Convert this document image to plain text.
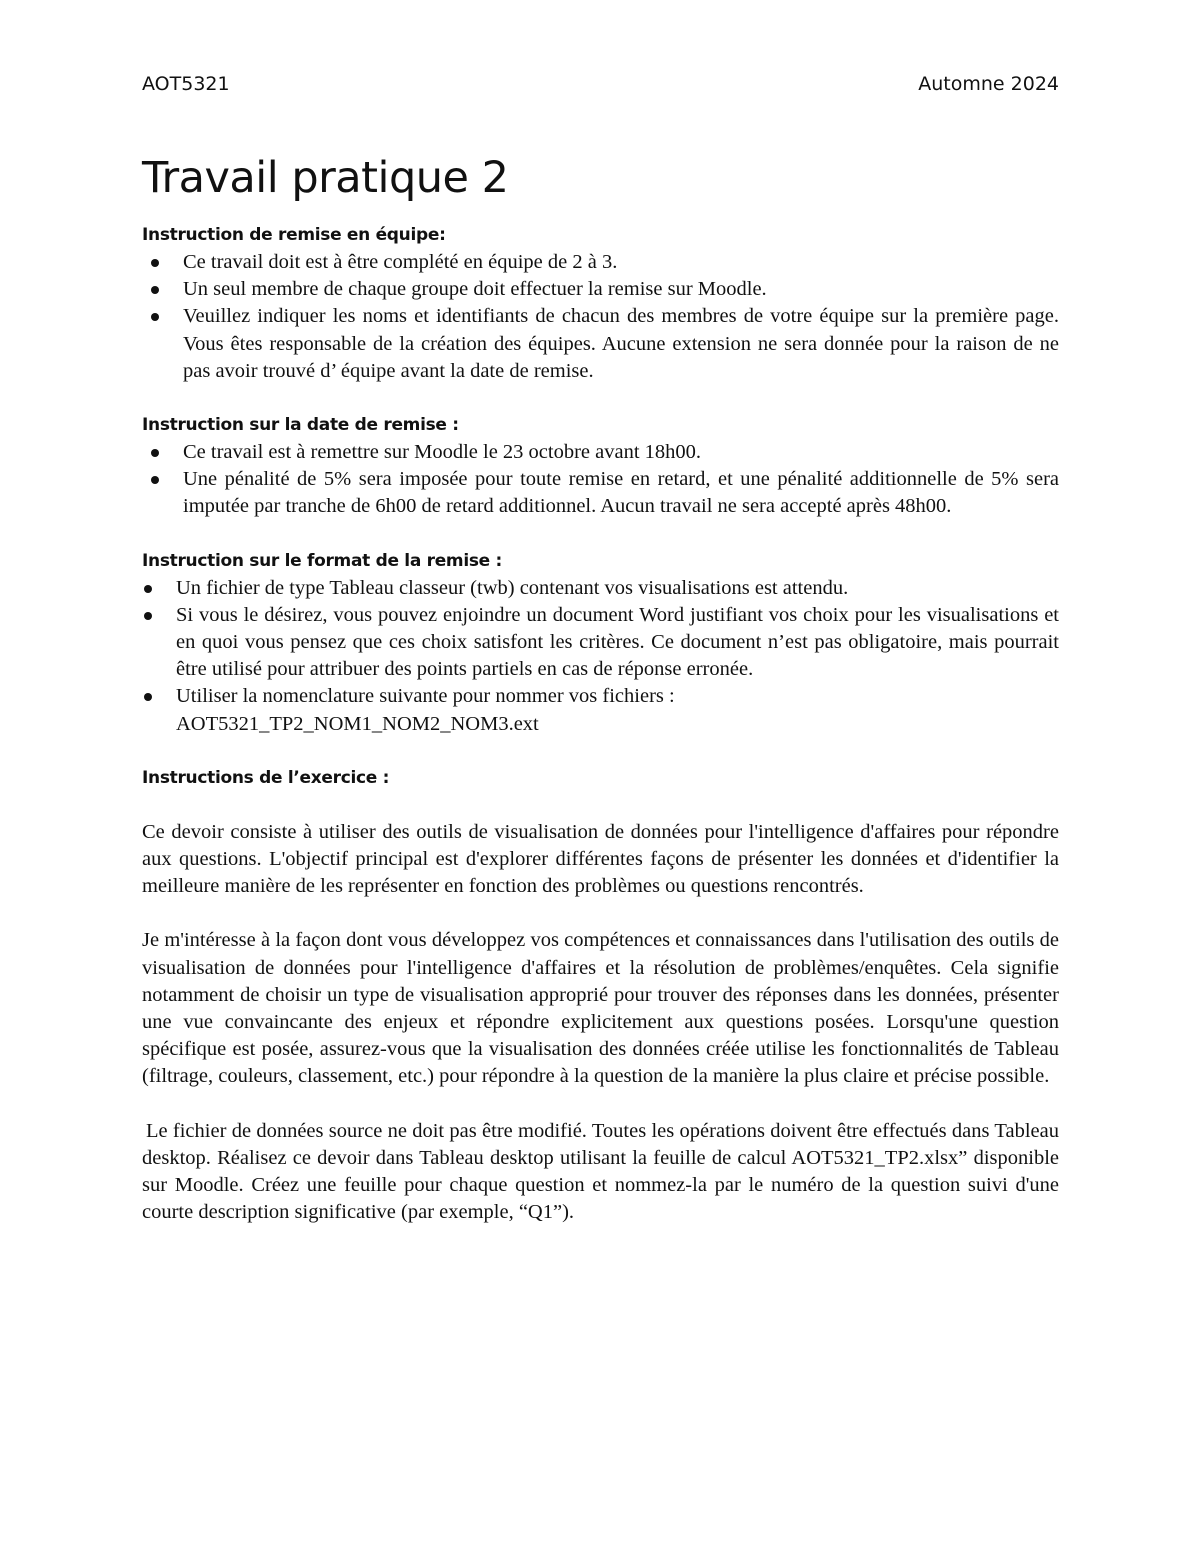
AOT5321	Automne 2024
Travail pratique 2
Instruction de remise en équipe:
Ce travail doit est à être complété en équipe de 2 à 3.
Un seul membre de chaque groupe doit effectuer la remise sur Moodle.
Veuillez indiquer les noms et identifiants de chacun des membres de votre équipe sur la première page. Vous êtes responsable de la création des équipes. Aucune extension ne sera donnée pour la raison de ne pas avoir trouvé d’ équipe avant la date de remise.
Instruction sur la date de remise :
Ce travail est à remettre sur Moodle le 23 octobre avant 18h00.
Une pénalité de 5% sera imposée pour toute remise en retard, et une pénalité additionnelle de 5% sera imputée par tranche de 6h00 de retard additionnel. Aucun travail ne sera accepté après 48h00.
Instruction sur le format de la remise :
Un fichier de type Tableau classeur (twb) contenant vos visualisations est attendu.
Si vous le désirez, vous pouvez enjoindre un document Word justifiant vos choix pour les visualisations et en quoi vous pensez que ces choix satisfont les critères. Ce document n’est pas obligatoire, mais pourrait être utilisé pour attribuer des points partiels en cas de réponse erronée.
Utiliser la nomenclature suivante pour nommer vos fichiers :
AOT5321_TP2_NOM1_NOM2_NOM3.ext
Instructions de l’exercice :

Ce devoir consiste à utiliser des outils de visualisation de données pour l'intelligence d'affaires pour répondre aux questions. L'objectif principal est d'explorer différentes façons de présenter les données et d'identifier la meilleure manière de les représenter en fonction des problèmes ou questions rencontrés.

Je m'intéresse à la façon dont vous développez vos compétences et connaissances dans l'utilisation des outils de visualisation de données pour l'intelligence d'affaires et la résolution de problèmes/enquêtes. Cela signifie notamment de choisir un type de visualisation approprié pour trouver des réponses dans les données, présenter une vue convaincante des enjeux et répondre explicitement aux questions posées. Lorsqu'une question spécifique est posée, assurez-vous que la visualisation des données créée utilise les fonctionnalités de Tableau (filtrage, couleurs, classement, etc.) pour répondre à la question de la manière la plus claire et précise possible.

Le fichier de données source ne doit pas être modifié. Toutes les opérations doivent être effectués dans Tableau desktop. Réalisez ce devoir dans Tableau desktop utilisant la feuille de calcul AOT5321_TP2.xlsx” disponible sur Moodle. Créez une feuille pour chaque question et nommez-la par le numéro de la question suivi d'une courte description significative (par exemple, “Q1”).
